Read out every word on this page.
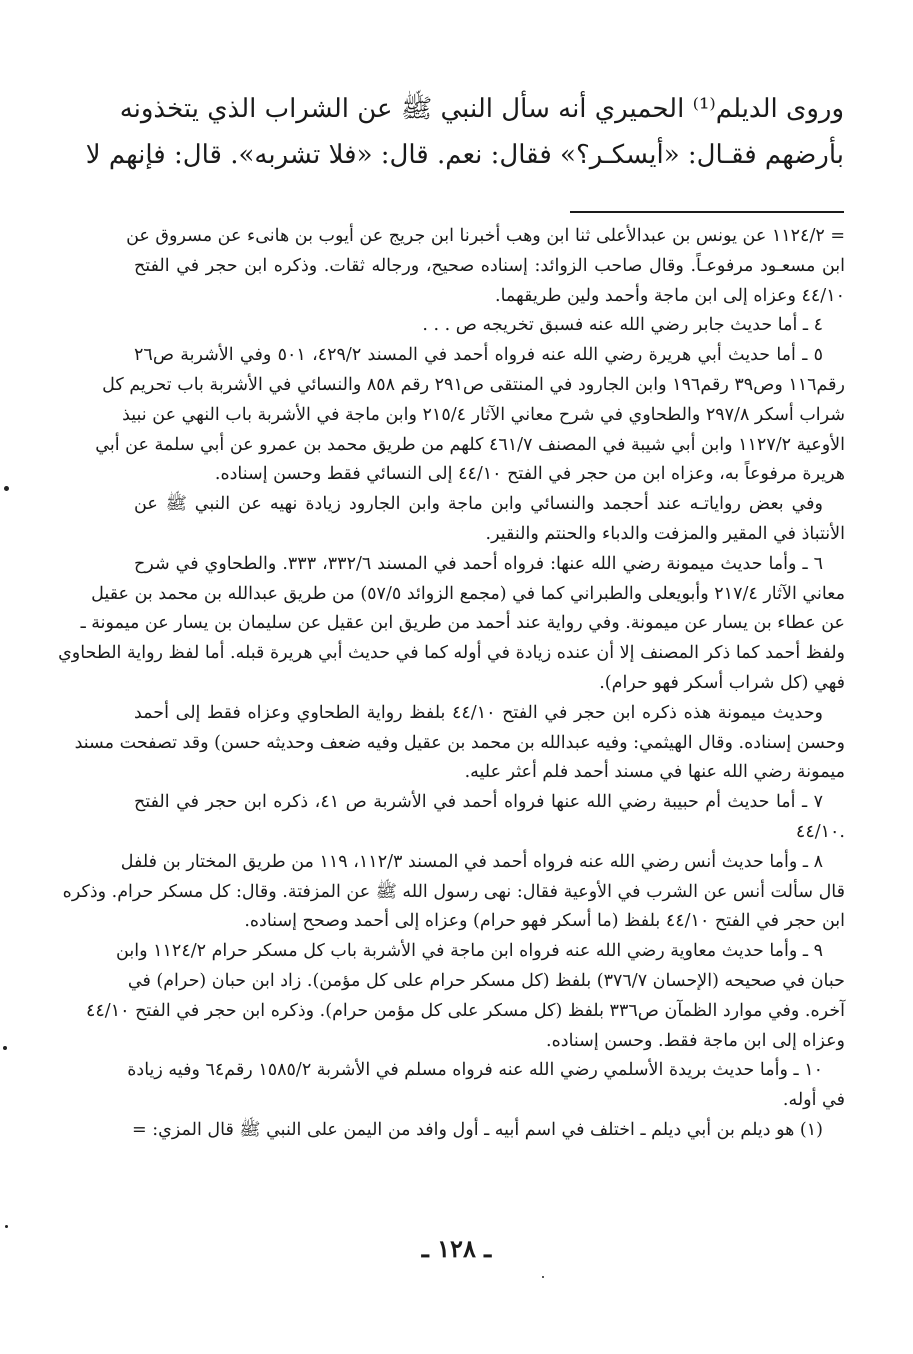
وروى الديلم⁽¹⁾ الحميري أنه سأل النبي ﷺ عن الشراب الذي يتخذونه
بأرضهم فقـال: «أيسكـر؟» فقال: نعم. قال: «فلا تشربه». قال: فإنهم لا
= ١١٢٤/٢ عن يونس بن عبدالأعلى ثنا ابن وهب أخبرنا ابن جريج عن أيوب بن هانىء عن مسروق عن
ابن مسعـود مرفوعـاً. وقال صاحب الزوائد: إسناده صحيح، ورجاله ثقات. وذكره ابن حجر في الفتح
٤٤/١٠ وعزاه إلى ابن ماجة وأحمد ولين طريقهما.
٤ ـ أما حديث جابر رضي الله عنه فسبق تخريجه ص . . .
٥ ـ أما حديث أبي هريرة رضي الله عنه فرواه أحمد في المسند ٤٢٩/٢، ٥٠١ وفي الأشربة ص٢٦
رقم١١٦ وص٣٩ رقم١٩٦ وابن الجارود في المنتقى ص٢٩١ رقم ٨٥٨ والنسائي في الأشربة باب تحريم كل
شراب أسكر ٢٩٧/٨ والطحاوي في شرح معاني الآثار ٢١٥/٤ وابن ماجة في الأشربة باب النهي عن نبيذ
الأوعية ١١٢٧/٢ وابن أبي شيبة في المصنف ٤٦١/٧ كلهم من طريق محمد بن عمرو عن أبي سلمة عن أبي
هريرة مرفوعاً به، وعزاه ابن من حجر في الفتح ٤٤/١٠ إلى النسائي فقط وحسن إسناده.
وفي بعض رواياتـه عند أحجمد والنسائي وابن ماجة وابن الجارود زيادة نهيه عن النبي ﷺ عن
الأنتباذ في المقير والمزفت والدباء والحنتم والنقير.
٦ ـ وأما حديث ميمونة رضي الله عنها: فرواه أحمد في المسند ٣٣٢/٦، ٣٣٣. والطحاوي في شرح
معاني الآثار ٢١٧/٤ وأبويعلى والطبراني كما في (مجمع الزوائد ٥٧/٥) من طريق عبدالله بن محمد بن عقيل
عن عطاء بن يسار عن ميمونة. وفي رواية عند أحمد من طريق ابن عقيل عن سليمان بن يسار عن ميمونة ـ
ولفظ أحمد كما ذكر المصنف إلا أن عنده زيادة في أوله كما في حديث أبي هريرة قبله. أما لفظ رواية الطحاوي
فهي (كل شراب أسكر فهو حرام).
وحديث ميمونة هذه ذكره ابن حجر في الفتح ٤٤/١٠ بلفظ رواية الطحاوي وعزاه فقط إلى أحمد
وحسن إسناده. وقال الهيثمي: وفيه عبدالله بن محمد بن عقيل وفيه ضعف وحديثه حسن) وقد تصفحت مسند
ميمونة رضي الله عنها في مسند أحمد فلم أعثر عليه.
٧ ـ أما حديث أم حبيبة رضي الله عنها فرواه أحمد في الأشربة ص ٤١، ذكره ابن حجر في الفتح
.٤٤/١٠
٨ ـ وأما حديث أنس رضي الله عنه فرواه أحمد في المسند ١١٢/٣، ١١٩ من طريق المختار بن فلفل
قال سألت أنس عن الشرب في الأوعية فقال: نهى رسول الله ﷺ عن المزفتة. وقال: كل مسكر حرام. وذكره
ابن حجر في الفتح ٤٤/١٠ بلفظ (ما أسكر فهو حرام) وعزاه إلى أحمد وصحح إسناده.
٩ ـ وأما حديث معاوية رضي الله عنه فرواه ابن ماجة في الأشربة باب كل مسكر حرام ١١٢٤/٢ وابن
حبان في صحيحه (الإحسان ٣٧٦/٧) بلفظ (كل مسكر حرام على كل مؤمن). زاد ابن حبان (حرام) في
آخره. وفي موارد الظمآن ص٣٣٦ بلفظ (كل مسكر على كل مؤمن حرام). وذكره ابن حجر في الفتح ٤٤/١٠
وعزاه إلى ابن ماجة فقط. وحسن إسناده.
١٠ ـ وأما حديث بريدة الأسلمي رضي الله عنه فرواه مسلم في الأشربة ١٥٨٥/٢ رقم٦٤ وفيه زيادة
في أوله.
(١) هو ديلم بن أبي ديلم ـ اختلف في اسم أبيه ـ أول وافد من اليمن على النبي ﷺ قال المزي: =
ـ ١٢٨ ـ
